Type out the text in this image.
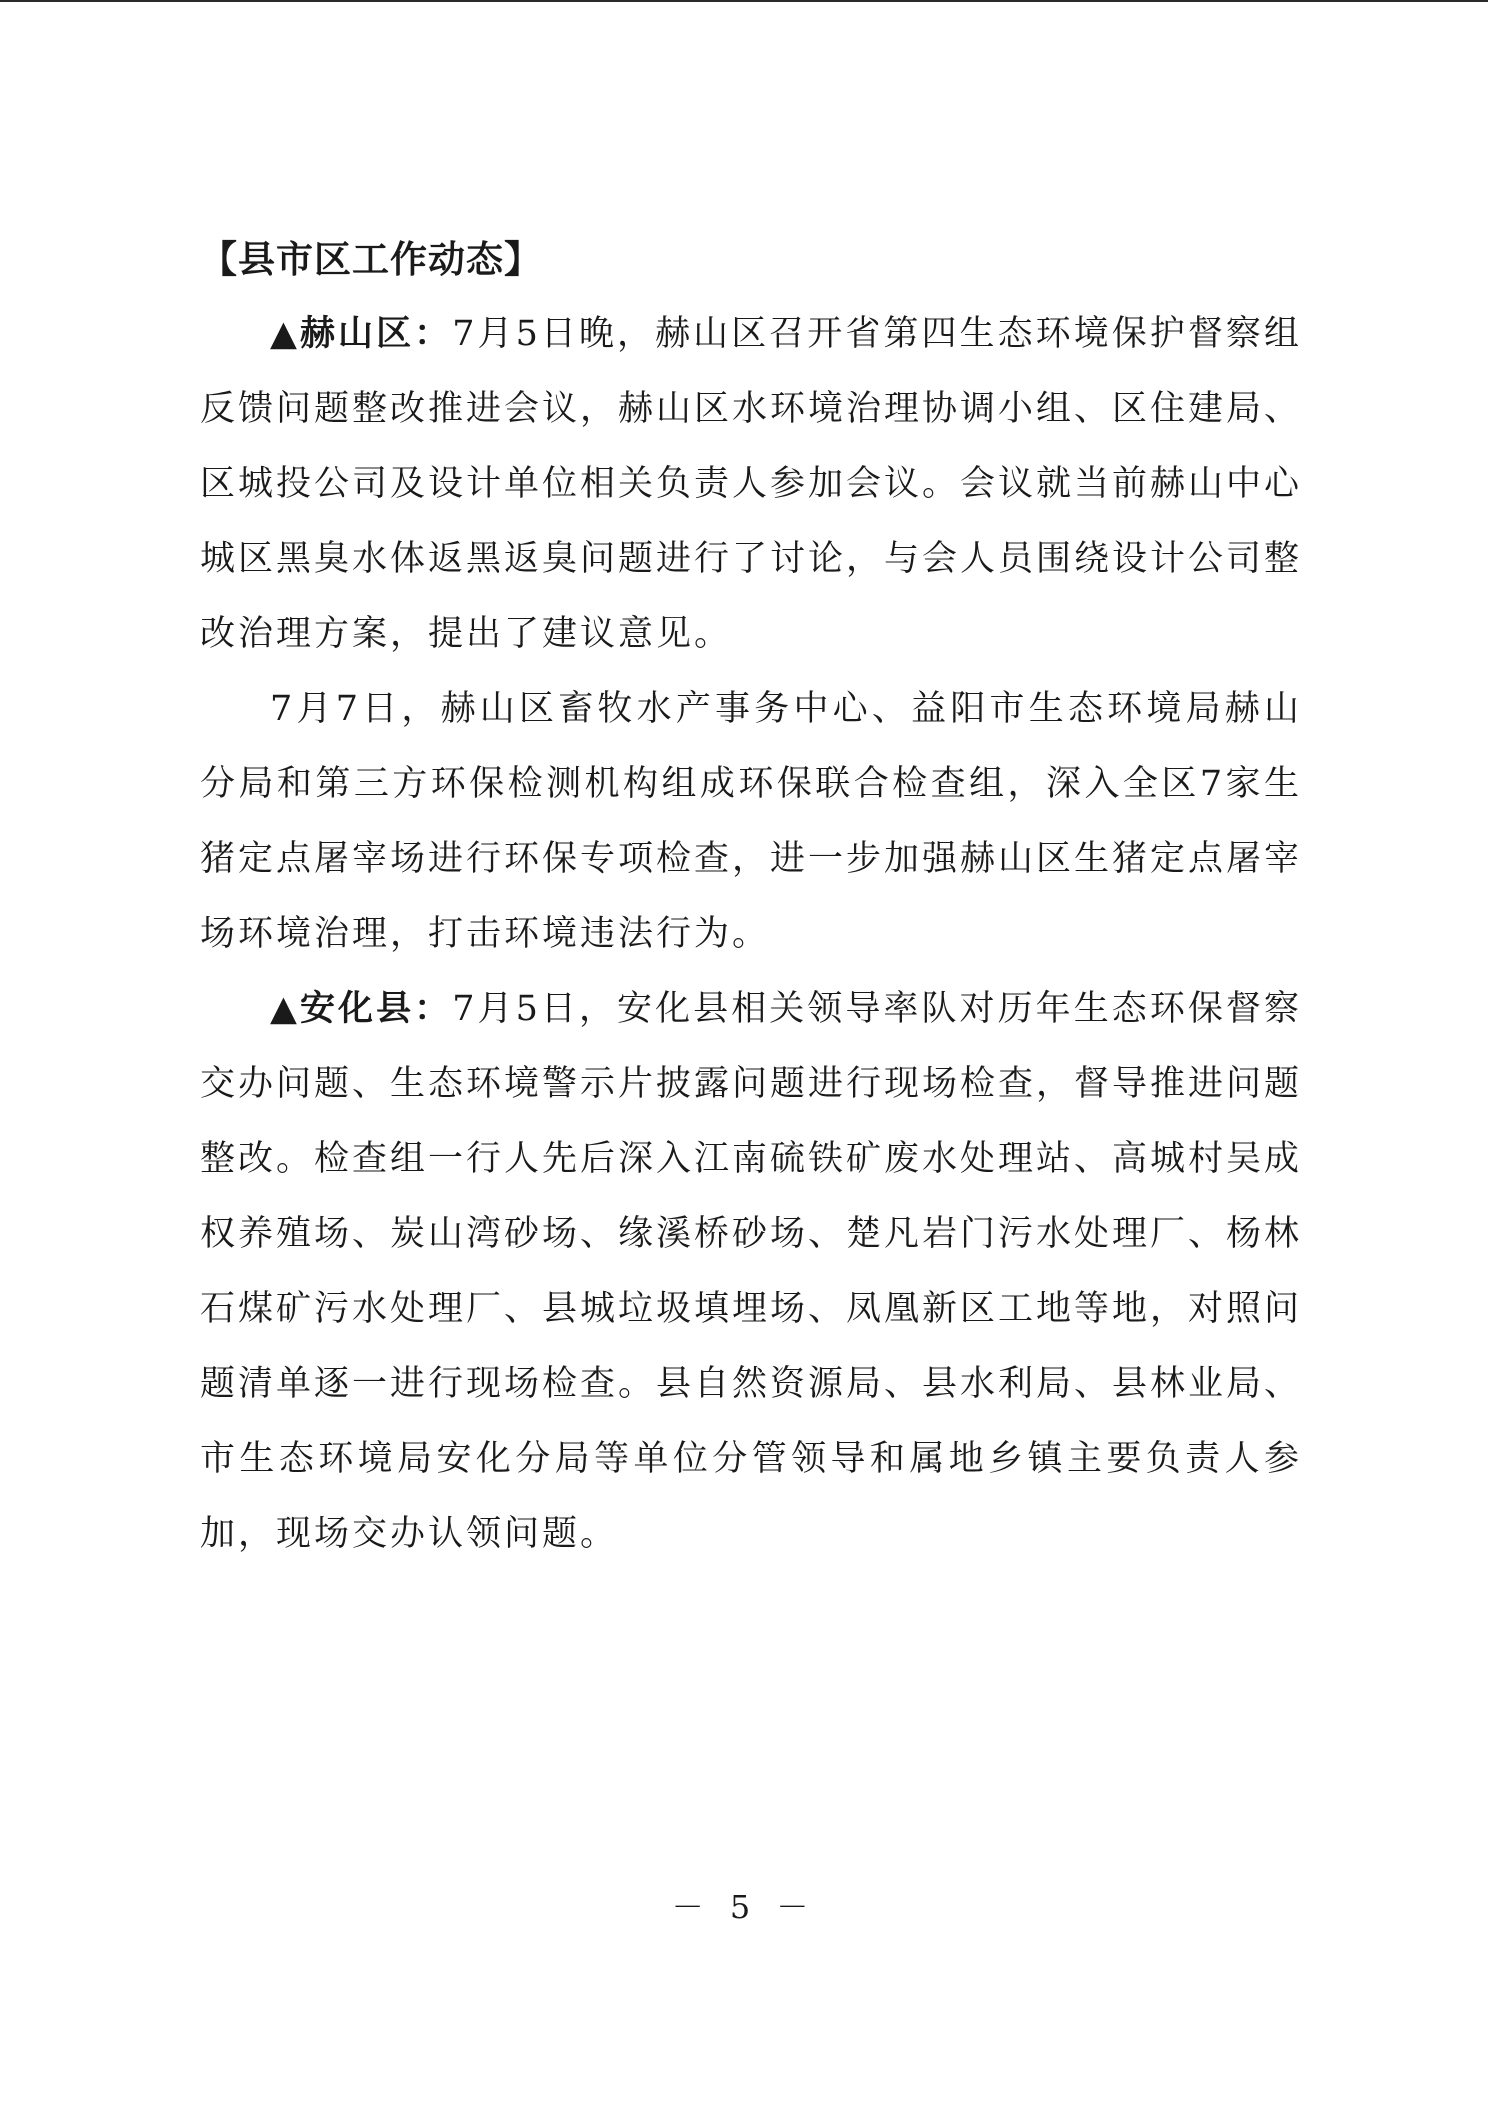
【县市区工作动态】

▲赫山区：7月5日晚，赫山区召开省第四生态环境保护督察组反馈问题整改推进会议，赫山区水环境治理协调小组、区住建局、区城投公司及设计单位相关负责人参加会议。会议就当前赫山中心城区黑臭水体返黑返臭问题进行了讨论，与会人员围绕设计公司整改治理方案，提出了建议意见。

7月7日，赫山区畜牧水产事务中心、益阳市生态环境局赫山分局和第三方环保检测机构组成环保联合检查组，深入全区7家生猪定点屠宰场进行环保专项检查，进一步加强赫山区生猪定点屠宰场环境治理，打击环境违法行为。

▲安化县：7月5日，安化县相关领导率队对历年生态环保督察交办问题、生态环境警示片披露问题进行现场检查，督导推进问题整改。检查组一行人先后深入江南硫铁矿废水处理站、高城村吴成权养殖场、炭山湾砂场、缘溪桥砂场、楚凡岩门污水处理厂、杨林石煤矿污水处理厂、县城垃圾填埋场、凤凰新区工地等地，对照问题清单逐一进行现场检查。县自然资源局、县水利局、县林业局、市生态环境局安化分局等单位分管领导和属地乡镇主要负责人参加，现场交办认领问题。

－ 5 －
